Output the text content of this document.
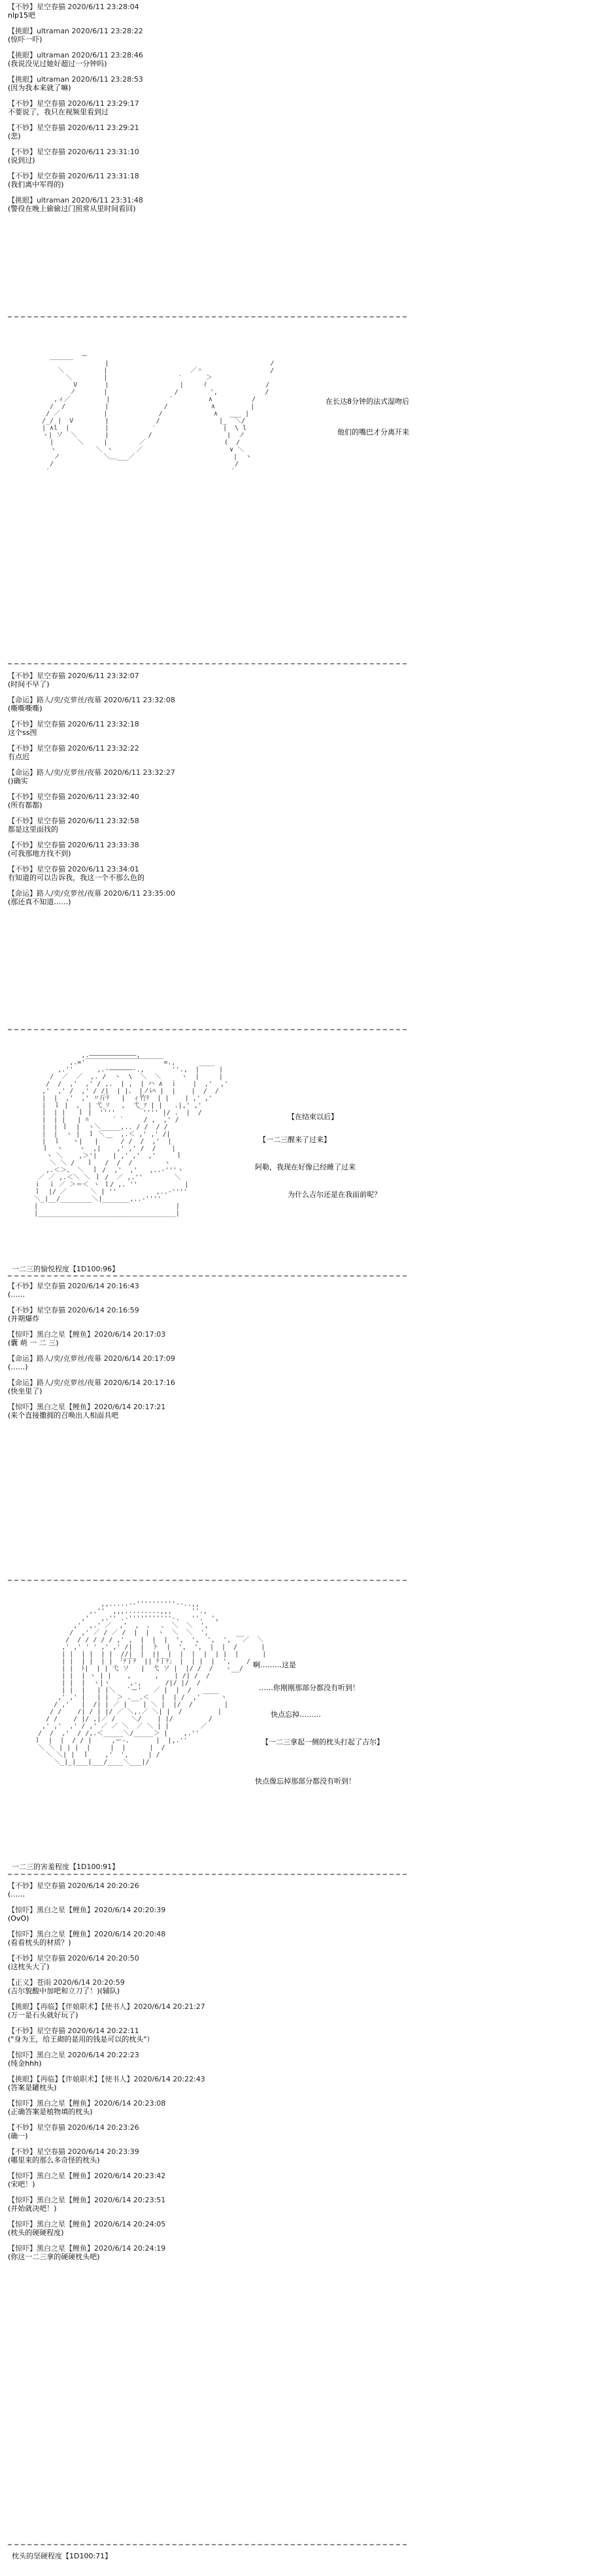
【不妙】星空春猫 2020/6/11 23:28:04
nlp15吧
【挑眼】ultraman 2020/6/11 23:28:22
(惊吓一吓)
【挑眼】ultraman 2020/6/11 23:28:46
(我说没见过她好超过一分钟吗)
【挑眼】ultraman 2020/6/11 23:28:53
(因为我本来就了嘛)
【不妙】星空春猫 2020/6/11 23:29:17
不要说了，我只在视频里看到过
【不妙】星空春猫 2020/6/11 23:29:21
(悲)
【不妙】星空春猫 2020/6/11 23:31:10
(说到过)
【不妙】星空春猫 2020/6/11 23:31:18
(我们离中军得的)
【挑眼】ultraman 2020/6/11 23:31:48
(警役在晚上偷偷过门照常从里时间看回)
______  ー
|                                         /
＼          |                     ／＾                 /
＼        |                  ′      ＞
V       |                  |     ｲ               /
ノ       |                 /        ',            /
,ィ／         |               ′         ∧          /
/  /          |              /           ∧         |
/ ／           |             /             ∧   ___ |
/_/ |  V        |            /               |_  ＼/
| ∧l  |         |           ′                 |  \ l
ヽ| ソ  ＼       |          /                   |  ノ
|      ＼     |        ／                    (  /
ヽ          ＼ ヽ      ／                      ∨ ＼
ノ           ＼＿___／                         |  ヽ
/                                              /
′                                              ′
在长达8分钟的法式湿吻后
他们的嘴巴才分离开来
【不妙】星空春猫 2020/6/11 23:32:07
(时间不早了)
【命运】路人/奕/克萝丝/夜幕 2020/6/11 23:32:08
(嘶嘶嘶嘶)
【不妙】星空春猫 2020/6/11 23:32:18
这个ss图
【不妙】星空春猫 2020/6/11 23:32:22
有点迟
【命运】路人/奕/克萝丝/夜幕 2020/6/11 23:32:27
()确实
【不妙】星空春猫 2020/6/11 23:32:40
(所有都都)
【不妙】星空春猫 2020/6/11 23:32:58
都是这里面找的
【不妙】星空春猫 2020/6/11 23:33:38
(可我那地方找不到)
【不妙】星空春猫 2020/6/11 23:34:01
有知道的可以告诉我，我这一个不那么色的
【命运】路人/奕/克萝丝/夜幕 2020/6/11 23:35:00
(那还真不知道……)
,.――――――――――――,
,.='￣￣￣￣￣￣￣￣￣￣￣￣=.,      ____
,.''      ,.-――――――-.,       ''.,  |     |
/  ／  ／  ,. /  ヽ  \  ＼  ＼     ヽ  |     |
/  /  ,'  ,' / ,.  | ,  | ハ ∧  ｉ    |  ,'  ,'
,'  ,' /  ,' / /|  | |、 |ノﾚﾍ |  |    |  /  /
|  |  ,'  ,' 〃斤ﾃ   |  ィ竹ﾃ  | |    | ,' ,'
|  ｌ |  ,  | 弋_ｿ   ,  弋_ｿ | |   .|,' ,'
|  | |   ｌ |  ''''       '''' |/ .  |  /
|  | |   | ﾊ      ´ `     / ,  ,' /
|  | ｌ  |  ヽ＼_____,.. / /  / /
|  |  ヽ |  ｌ ＼    ,.＜ ,' ,' /|
|  ｌ   ヽ|   |  ￣  / /  /  ,'  |
ｌ  ヽ    ヽ  ,|    ,' ,' /  /    |
ヽ ＼    ,＞'|    | ,' ,'  ,'     ｌ
＼ ＼ /   ｌ   /  /  /        ヽ
,.＜＞、 ＼  ｌ /  ,'  ,'   ,..-'''ヽ
／ ／ ,.＜＼ ＼ ｌ /  ／ ,.''        ＼
ｉ  ｉ ／ ＞＝＜ ヽ ｌ/ ,. ''            |
ｌ  |/ ／      ＼ | ''          ,..-''''
＼_|__/________＼|_______,..-''''
|                                   |
|___________________________________|
【在结束以后】
【一二三醒来了过来】
阿勒，我现在好像已经睡了过来
为什么吉尔还是在我面前呢？
一二三的愉悦程度【1D100:96】
【不妙】星空春猫 2020/6/14 20:16:43
(……
【不妙】星空春猫 2020/6/14 20:16:59
(并期爆炸
【惊吓】黑白之星【鲤鱼】2020/6/14 20:17:03
(囊 萌 一 二 三)
【命运】路人/奕/克萝丝/夜幕 2020/6/14 20:17:09
(……)
【命运】路人/奕/克萝丝/夜幕 2020/6/14 20:17:16
(快坐里了)
【惊吓】黑白之星【鲤鱼】2020/6/14 20:17:21
(来个直接撒拥的召唤出人相面具吧
,,.....--''''''''''--..,,
,.''  ,,,.........,,,     ''.,
,'   ,.'' .-'''''''''''-.   ''.  ',
,'  ,.' ／  ,'  ,  、  、 ＼  ＼  ',
/  ,' ／ / ／ /  |  |  ヽ  ＼  ＼  ',       __
/  / / / / / ,' ,  |  |  |  ',  ',  ',  ',   ／  ＼
,' ,' ' ' ,' ,' /|  |  ト  |  ',  ',  |  |  /      |
| |  | |  | |  //|  |  ||  |  |  |  |  | |  |      |
| |  | |  | | 「ﾃ丁ﾃ  || ﾃ丁ﾃ」 |  | |  |  ',    /
| |  ﾄ|  | | 弋 ソ   |  弋 ソ |  |/ /  /   ヽ__/
| |  | ヽ | |    ,      ,    | /| /  /
| |  |  ヽ|ヽ     ,-,      /|/ |/  /
| |  |   | |＼   `ー'   ／ |  |  /   ____
,' ,' |   | |  ＞ .__.＜   |  | /  ,'     ヽ
/ ,'   |  /| | ／ |    | ＼ |  |/  /        |
/ /    /| / | |/ ／ ＼,.／ ＼| |  /         |
/ /    / |/ ,|／ /    ＼/    | |/         /
,' ,'  ,' / ,' ／ ／ ＼  ／ ＼ | |        ／
/  /  ,'  / /,.＜_____＼/_____＞ |    ,.''
ｌ  |  |  / / |     ,ー‐、      |  |,.''
＼ ＼ | | |  |     |  |      |  /
＼ ＼| |  ｌ    ,'  ',     | /
＼_|_|___|___/____＼___|/
啊………这是
……你刚刚那部分都没有听到！
快点忘掉………
【一二三拿起一侧的枕头打起了吉尔】
快点像忘掉那部分都没有听到！
一二三的害羞程度【1D100:91】
【不妙】星空春猫 2020/6/14 20:20:26
(……
【惊吓】黑白之星【鲤鱼】2020/6/14 20:20:39
(OvO)
【惊吓】黑白之星【鲤鱼】2020/6/14 20:20:48
(看看枕头的材质？)
【不妙】星空春猫 2020/6/14 20:20:50
(这枕头大了)
【正义】苍雨 2020/6/14 20:20:59
(吉尔貌酸中加吧和立刀了！)(辅队)
【挑眼】【再临】【伴娘职术】【使书人】2020/6/14 20:21:27
(万一是石头就好玩了)
【不妙】星空春猫 2020/6/14 20:22:11
("身为王，给王砌的是用的钱是可以的枕头"）
【惊吓】黑白之星 2020/6/14 20:22:23
(纯金hhh)
【挑眼】【再临】【伴娘职术】【使书人】2020/6/14 20:22:43
(答案是罐枕头)
【惊吓】黑白之星【鲤鱼】2020/6/14 20:23:08
(正确答案是植物填的枕头)
【不妙】星空春猫 2020/6/14 20:23:26
(确一)
【不妙】星空春猫 2020/6/14 20:23:39
(哪里来的那么多奇怪的枕头)
【惊吓】黑白之星【鲤鱼】2020/6/14 20:23:42
(宋吧！)
【惊吓】黑白之星【鲤鱼】2020/6/14 20:23:51
(并始就决吧！)
【惊吓】黑白之星【鲤鱼】2020/6/14 20:24:05
(枕头的硬硬程度)
【惊吓】黑白之星【鲤鱼】2020/6/14 20:24:19
(你这一二三拿的硬硬枕头吧)
枕头的坚硬程度【1D100:71】
